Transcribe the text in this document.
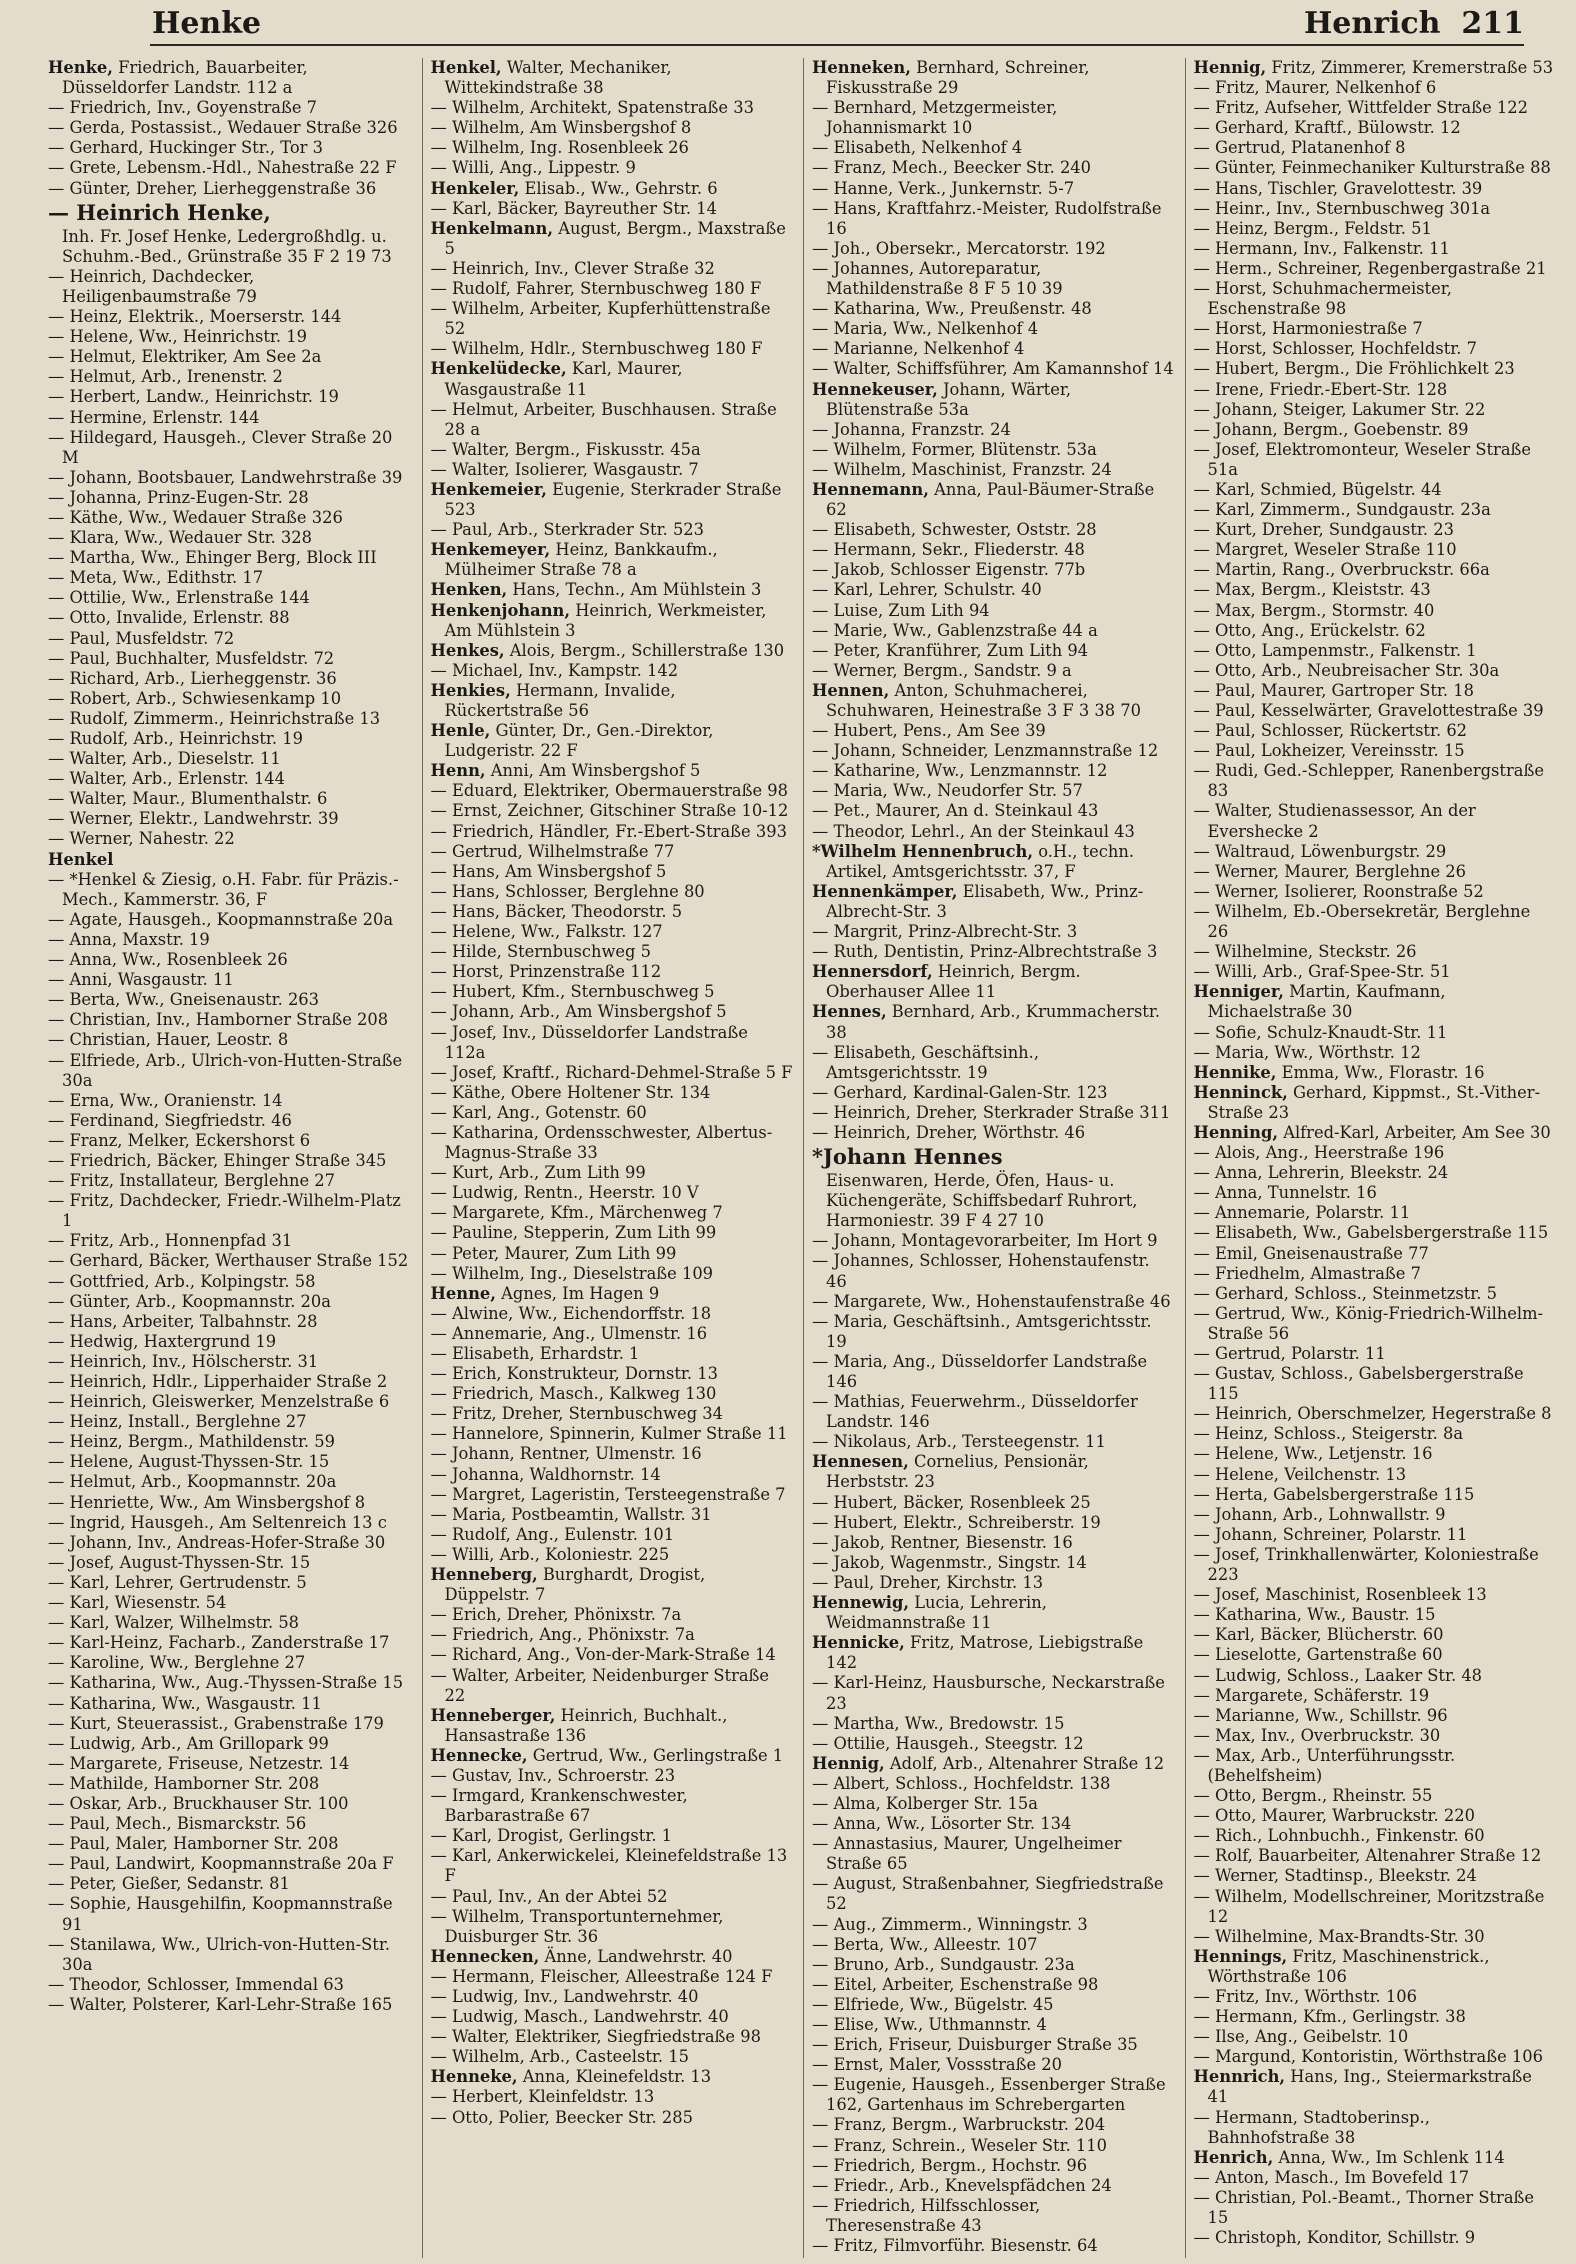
Henke	Henrich  211
Henke, Friedrich, Bauarbeiter, Düsseldorfer Landstr. 112 a
— Friedrich, Inv., Goyenstraße 7
— Gerda, Postassist., Wedauer Straße 326
— Gerhard, Huckinger Str., Tor 3
— Grete, Lebensm.-Hdl., Nahestraße 22 F
— Günter, Dreher, Lierheggenstraße 36
— Heinrich Henke,
Inh. Fr. Josef Henke, Ledergroßhdlg. u. Schuhm.-Bed., Grünstraße 35 F 2 19 73
— Heinrich, Dachdecker, Heiligenbaumstraße 79
— Heinz, Elektrik., Moerserstr. 144
— Helene, Ww., Heinrichstr. 19
— Helmut, Elektriker, Am See 2a
— Helmut, Arb., Irenenstr. 2
— Herbert, Landw., Heinrichstr. 19
— Hermine, Erlenstr. 144
— Hildegard, Hausgeh., Clever Straße 20 M
— Johann, Bootsbauer, Landwehrstraße 39
— Johanna, Prinz-Eugen-Str. 28
— Käthe, Ww., Wedauer Straße 326
— Klara, Ww., Wedauer Str. 328
— Martha, Ww., Ehinger Berg, Block III
— Meta, Ww., Edithstr. 17
— Ottilie, Ww., Erlenstraße 144
— Otto, Invalide, Erlenstr. 88
— Paul, Musfeldstr. 72
— Paul, Buchhalter, Musfeldstr. 72
— Richard, Arb., Lierheggenstr. 36
— Robert, Arb., Schwiesenkamp 10
— Rudolf, Zimmerm., Heinrichstraße 13
— Rudolf, Arb., Heinrichstr. 19
— Walter, Arb., Dieselstr. 11
— Walter, Arb., Erlenstr. 144
— Walter, Maur., Blumenthalstr. 6
— Werner, Elektr., Landwehrstr. 39
— Werner, Nahestr. 22
Henkel
— *Henkel & Ziesig, o.H. Fabr. für Präzis.-Mech., Kammerstr. 36, F
— Agate, Hausgeh., Koopmannstraße 20a
— Anna, Maxstr. 19
— Anna, Ww., Rosenbleek 26
— Anni, Wasgaustr. 11
— Berta, Ww., Gneisenaustr. 263
— Christian, Inv., Hamborner Straße 208
— Christian, Hauer, Leostr. 8
— Elfriede, Arb., Ulrich-von-Hutten-Straße 30a
— Erna, Ww., Oranienstr. 14
— Ferdinand, Siegfriedstr. 46
— Franz, Melker, Eckershorst 6
— Friedrich, Bäcker, Ehinger Straße 345
— Fritz, Installateur, Berglehne 27
— Fritz, Dachdecker, Friedr.-Wilhelm-Platz 1
— Fritz, Arb., Honnenpfad 31
— Gerhard, Bäcker, Werthauser Straße 152
— Gottfried, Arb., Kolpingstr. 58
— Günter, Arb., Koopmannstr. 20a
— Hans, Arbeiter, Talbahnstr. 28
— Hedwig, Haxtergrund 19
— Heinrich, Inv., Hölscherstr. 31
— Heinrich, Hdlr., Lipperhaider Straße 2
— Heinrich, Gleiswerker, Menzelstraße 6
— Heinz, Install., Berglehne 27
— Heinz, Bergm., Mathildenstr. 59
— Helene, August-Thyssen-Str. 15
— Helmut, Arb., Koopmannstr. 20a
— Henriette, Ww., Am Winsbergshof 8
— Ingrid, Hausgeh., Am Seltenreich 13 c
— Johann, Inv., Andreas-Hofer-Straße 30
— Josef, August-Thyssen-Str. 15
— Karl, Lehrer, Gertrudenstr. 5
— Karl, Wiesenstr. 54
— Karl, Walzer, Wilhelmstr. 58
— Karl-Heinz, Facharb., Zanderstraße 17
— Karoline, Ww., Berglehne 27
— Katharina, Ww., Aug.-Thyssen-Straße 15
— Katharina, Ww., Wasgaustr. 11
— Kurt, Steuerassist., Grabenstraße 179
— Ludwig, Arb., Am Grillopark 99
— Margarete, Friseuse, Netzestr. 14
— Mathilde, Hamborner Str. 208
— Oskar, Arb., Bruckhauser Str. 100
— Paul, Mech., Bismarckstr. 56
— Paul, Maler, Hamborner Str. 208
— Paul, Landwirt, Koopmannstraße 20a F
— Peter, Gießer, Sedanstr. 81
— Sophie, Hausgehilfin, Koopmannstraße 91
— Stanilawa, Ww., Ulrich-von-Hutten-Str. 30a
— Theodor, Schlosser, Immendal 63
— Walter, Polsterer, Karl-Lehr-Straße 165
Henkel, Walter, Mechaniker, Wittekindstraße 38
— Wilhelm, Architekt, Spatenstraße 33
— Wilhelm, Am Winsbergshof 8
— Wilhelm, Ing. Rosenbleek 26
— Willi, Ang., Lippestr. 9
Henkeler, Elisab., Ww., Gehrstr. 6
— Karl, Bäcker, Bayreuther Str. 14
Henkelmann, August, Bergm., Maxstraße 5
— Heinrich, Inv., Clever Straße 32
— Rudolf, Fahrer, Sternbuschweg 180 F
— Wilhelm, Arbeiter, Kupferhüttenstraße 52
— Wilhelm, Hdlr., Sternbuschweg 180 F
Henkelüdecke, Karl, Maurer, Wasgaustraße 11
— Helmut, Arbeiter, Buschhausen. Straße 28 a
— Walter, Bergm., Fiskusstr. 45a
— Walter, Isolierer, Wasgaustr. 7
Henkemeier, Eugenie, Sterkrader Straße 523
— Paul, Arb., Sterkrader Str. 523
Henkemeyer, Heinz, Bankkaufm., Mülheimer Straße 78 a
Henken, Hans, Techn., Am Mühlstein 3
Henkenjohann, Heinrich, Werkmeister, Am Mühlstein 3
Henkes, Alois, Bergm., Schillerstraße 130
— Michael, Inv., Kampstr. 142
Henkies, Hermann, Invalide, Rückertstraße 56
Henle, Günter, Dr., Gen.-Direktor, Ludgeristr. 22 F
Henn, Anni, Am Winsbergshof 5
— Eduard, Elektriker, Obermauerstraße 98
— Ernst, Zeichner, Gitschiner Straße 10-12
— Friedrich, Händler, Fr.-Ebert-Straße 393
— Gertrud, Wilhelmstraße 77
— Hans, Am Winsbergshof 5
— Hans, Schlosser, Berglehne 80
— Hans, Bäcker, Theodorstr. 5
— Helene, Ww., Falkstr. 127
— Hilde, Sternbuschweg 5
— Horst, Prinzenstraße 112
— Hubert, Kfm., Sternbuschweg 5
— Johann, Arb., Am Winsbergshof 5
— Josef, Inv., Düsseldorfer Landstraße 112a
— Josef, Kraftf., Richard-Dehmel-Straße 5 F
— Käthe, Obere Holtener Str. 134
— Karl, Ang., Gotenstr. 60
— Katharina, Ordensschwester, Albertus-Magnus-Straße 33
— Kurt, Arb., Zum Lith 99
— Ludwig, Rentn., Heerstr. 10 V
— Margarete, Kfm., Märchenweg 7
— Pauline, Stepperin, Zum Lith 99
— Peter, Maurer, Zum Lith 99
— Wilhelm, Ing., Dieselstraße 109
Henne, Agnes, Im Hagen 9
— Alwine, Ww., Eichendorffstr. 18
— Annemarie, Ang., Ulmenstr. 16
— Elisabeth, Erhardstr. 1
— Erich, Konstrukteur, Dornstr. 13
— Friedrich, Masch., Kalkweg 130
— Fritz, Dreher, Sternbuschweg 34
— Hannelore, Spinnerin, Kulmer Straße 11
— Johann, Rentner, Ulmenstr. 16
— Johanna, Waldhornstr. 14
— Margret, Lageristin, Tersteegenstraße 7
— Maria, Postbeamtin, Wallstr. 31
— Rudolf, Ang., Eulenstr. 101
— Willi, Arb., Koloniestr. 225
Henneberg, Burghardt, Drogist, Düppelstr. 7
— Erich, Dreher, Phönixstr. 7a
— Friedrich, Ang., Phönixstr. 7a
— Richard, Ang., Von-der-Mark-Straße 14
— Walter, Arbeiter, Neidenburger Straße 22
Henneberger, Heinrich, Buchhalt., Hansastraße 136
Hennecke, Gertrud, Ww., Gerlingstraße 1
— Gustav, Inv., Schroerstr. 23
— Irmgard, Krankenschwester, Barbarastraße 67
— Karl, Drogist, Gerlingstr. 1
— Karl, Ankerwickelei, Kleinefeldstraße 13 F
— Paul, Inv., An der Abtei 52
— Wilhelm, Transportunternehmer, Duisburger Str. 36
Hennecken, Änne, Landwehrstr. 40
— Hermann, Fleischer, Alleestraße 124 F
— Ludwig, Inv., Landwehrstr. 40
— Ludwig, Masch., Landwehrstr. 40
— Walter, Elektriker, Siegfriedstraße 98
— Wilhelm, Arb., Casteelstr. 15
Henneke, Anna, Kleinefeldstr. 13
— Herbert, Kleinfeldstr. 13
— Otto, Polier, Beecker Str. 285
Henneken, Bernhard, Schreiner, Fiskusstraße 29
— Bernhard, Metzgermeister, Johannismarkt 10
— Elisabeth, Nelkenhof 4
— Franz, Mech., Beecker Str. 240
— Hanne, Verk., Junkernstr. 5-7
— Hans, Kraftfahrz.-Meister, Rudolfstraße 16
— Joh., Obersekr., Mercatorstr. 192
— Johannes, Autoreparatur, Mathildenstraße 8 F 5 10 39
— Katharina, Ww., Preußenstr. 48
— Maria, Ww., Nelkenhof 4
— Marianne, Nelkenhof 4
— Walter, Schiffsführer, Am Kamannshof 14
Hennekeuser, Johann, Wärter, Blütenstraße 53a
— Johanna, Franzstr. 24
— Wilhelm, Former, Blütenstr. 53a
— Wilhelm, Maschinist, Franzstr. 24
Hennemann, Anna, Paul-Bäumer-Straße 62
— Elisabeth, Schwester, Oststr. 28
— Hermann, Sekr., Fliederstr. 48
— Jakob, Schlosser Eigenstr. 77b
— Karl, Lehrer, Schulstr. 40
— Luise, Zum Lith 94
— Marie, Ww., Gablenzstraße 44 a
— Peter, Kranführer, Zum Lith 94
— Werner, Bergm., Sandstr. 9 a
Hennen, Anton, Schuhmacherei, Schuhwaren, Heinestraße 3 F 3 38 70
— Hubert, Pens., Am See 39
— Johann, Schneider, Lenzmannstraße 12
— Katharine, Ww., Lenzmannstr. 12
— Maria, Ww., Neudorfer Str. 57
— Pet., Maurer, An d. Steinkaul 43
— Theodor, Lehrl., An der Steinkaul 43
*Wilhelm Hennenbruch, o.H., techn. Artikel, Amtsgerichtsstr. 37, F
Hennenkämper, Elisabeth, Ww., Prinz-Albrecht-Str. 3
— Margrit, Prinz-Albrecht-Str. 3
— Ruth, Dentistin, Prinz-Albrechtstraße 3
Hennersdorf, Heinrich, Bergm. Oberhauser Allee 11
Hennes, Bernhard, Arb., Krummacherstr. 38
— Elisabeth, Geschäftsinh., Amtsgerichtsstr. 19
— Gerhard, Kardinal-Galen-Str. 123
— Heinrich, Dreher, Sterkrader Straße 311
— Heinrich, Dreher, Wörthstr. 46
*Johann Hennes
Eisenwaren, Herde, Öfen, Haus- u. Küchengeräte, Schiffsbedarf Ruhrort, Harmoniestr. 39 F 4 27 10
— Johann, Montagevorarbeiter, Im Hort 9
— Johannes, Schlosser, Hohenstaufenstr. 46
— Margarete, Ww., Hohenstaufenstraße 46
— Maria, Geschäftsinh., Amtsgerichtsstr. 19
— Maria, Ang., Düsseldorfer Landstraße 146
— Mathias, Feuerwehrm., Düsseldorfer Landstr. 146
— Nikolaus, Arb., Tersteegenstr. 11
Hennesen, Cornelius, Pensionär, Herbststr. 23
— Hubert, Bäcker, Rosenbleek 25
— Hubert, Elektr., Schreiberstr. 19
— Jakob, Rentner, Biesenstr. 16
— Jakob, Wagenmstr., Singstr. 14
— Paul, Dreher, Kirchstr. 13
Hennewig, Lucia, Lehrerin, Weidmannstraße 11
Hennicke, Fritz, Matrose, Liebigstraße 142
— Karl-Heinz, Hausbursche, Neckarstraße 23
— Martha, Ww., Bredowstr. 15
— Ottilie, Hausgeh., Steegstr. 12
Hennig, Adolf, Arb., Altenahrer Straße 12
— Albert, Schloss., Hochfeldstr. 138
— Alma, Kolberger Str. 15a
— Anna, Ww., Lösorter Str. 134
— Annastasius, Maurer, Ungelheimer Straße 65
— August, Straßenbahner, Siegfriedstraße 52
— Aug., Zimmerm., Winningstr. 3
— Berta, Ww., Alleestr. 107
— Bruno, Arb., Sundgaustr. 23a
— Eitel, Arbeiter, Eschenstraße 98
— Elfriede, Ww., Bügelstr. 45
— Elise, Ww., Uthmannstr. 4
— Erich, Friseur, Duisburger Straße 35
— Ernst, Maler, Vossstraße 20
— Eugenie, Hausgeh., Essenberger Straße 162, Gartenhaus im Schrebergarten
— Franz, Bergm., Warbruckstr. 204
— Franz, Schrein., Weseler Str. 110
— Friedrich, Bergm., Hochstr. 96
— Friedr., Arb., Knevelspfädchen 24
— Friedrich, Hilfsschlosser, Theresenstraße 43
— Fritz, Filmvorführ. Biesenstr. 64
Hennig, Fritz, Zimmerer, Kremerstraße 53
— Fritz, Maurer, Nelkenhof 6
— Fritz, Aufseher, Wittfelder Straße 122
— Gerhard, Kraftf., Bülowstr. 12
— Gertrud, Platanenhof 8
— Günter, Feinmechaniker Kulturstraße 88
— Hans, Tischler, Gravelottestr. 39
— Heinr., Inv., Sternbuschweg 301a
— Heinz, Bergm., Feldstr. 51
— Hermann, Inv., Falkenstr. 11
— Herm., Schreiner, Regenbergastraße 21
— Horst, Schuhmachermeister, Eschenstraße 98
— Horst, Harmoniestraße 7
— Horst, Schlosser, Hochfeldstr. 7
— Hubert, Bergm., Die Fröhlichkelt 23
— Irene, Friedr.-Ebert-Str. 128
— Johann, Steiger, Lakumer Str. 22
— Johann, Bergm., Goebenstr. 89
— Josef, Elektromonteur, Weseler Straße 51a
— Karl, Schmied, Bügelstr. 44
— Karl, Zimmerm., Sundgaustr. 23a
— Kurt, Dreher, Sundgaustr. 23
— Margret, Weseler Straße 110
— Martin, Rang., Overbruckstr. 66a
— Max, Bergm., Kleiststr. 43
— Max, Bergm., Stormstr. 40
— Otto, Ang., Erückelstr. 62
— Otto, Lampenmstr., Falkenstr. 1
— Otto, Arb., Neubreisacher Str. 30a
— Paul, Maurer, Gartroper Str. 18
— Paul, Kesselwärter, Gravelottestraße 39
— Paul, Schlosser, Rückertstr. 62
— Paul, Lokheizer, Vereinsstr. 15
— Rudi, Ged.-Schlepper, Ranenbergstraße 83
— Walter, Studienassessor, An der Evershecke 2
— Waltraud, Löwenburgstr. 29
— Werner, Maurer, Berglehne 26
— Werner, Isolierer, Roonstraße 52
— Wilhelm, Eb.-Obersekretär, Berglehne 26
— Wilhelmine, Steckstr. 26
— Willi, Arb., Graf-Spee-Str. 51
Henniger, Martin, Kaufmann, Michaelstraße 30
— Sofie, Schulz-Knaudt-Str. 11
— Maria, Ww., Wörthstr. 12
Hennike, Emma, Ww., Florastr. 16
Henninck, Gerhard, Kippmst., St.-Vither-Straße 23
Henning, Alfred-Karl, Arbeiter, Am See 30
— Alois, Ang., Heerstraße 196
— Anna, Lehrerin, Bleekstr. 24
— Anna, Tunnelstr. 16
— Annemarie, Polarstr. 11
— Elisabeth, Ww., Gabelsbergerstraße 115
— Emil, Gneisenaustraße 77
— Friedhelm, Almastraße 7
— Gerhard, Schloss., Steinmetzstr. 5
— Gertrud, Ww., König-Friedrich-Wilhelm-Straße 56
— Gertrud, Polarstr. 11
— Gustav, Schloss., Gabelsbergerstraße 115
— Heinrich, Oberschmelzer, Hegerstraße 8
— Heinz, Schloss., Steigerstr. 8a
— Helene, Ww., Letjenstr. 16
— Helene, Veilchenstr. 13
— Herta, Gabelsbergerstraße 115
— Johann, Arb., Lohnwallstr. 9
— Johann, Schreiner, Polarstr. 11
— Josef, Trinkhallenwärter, Koloniestraße 223
— Josef, Maschinist, Rosenbleek 13
— Katharina, Ww., Baustr. 15
— Karl, Bäcker, Blücherstr. 60
— Lieselotte, Gartenstraße 60
— Ludwig, Schloss., Laaker Str. 48
— Margarete, Schäferstr. 19
— Marianne, Ww., Schillstr. 96
— Max, Inv., Overbruckstr. 30
— Max, Arb., Unterführungsstr. (Behelfsheim)
— Otto, Bergm., Rheinstr. 55
— Otto, Maurer, Warbruckstr. 220
— Rich., Lohnbuchh., Finkenstr. 60
— Rolf, Bauarbeiter, Altenahrer Straße 12
— Werner, Stadtinsp., Bleekstr. 24
— Wilhelm, Modellschreiner, Moritzstraße 12
— Wilhelmine, Max-Brandts-Str. 30
Hennings, Fritz, Maschinenstrick., Wörthstraße 106
— Fritz, Inv., Wörthstr. 106
— Hermann, Kfm., Gerlingstr. 38
— Ilse, Ang., Geibelstr. 10
— Margund, Kontoristin, Wörthstraße 106
Hennrich, Hans, Ing., Steiermarkstraße 41
— Hermann, Stadtoberinsp., Bahnhofstraße 38
Henrich, Anna, Ww., Im Schlenk 114
— Anton, Masch., Im Bovefeld 17
— Christian, Pol.-Beamt., Thorner Straße 15
— Christoph, Konditor, Schillstr. 9
